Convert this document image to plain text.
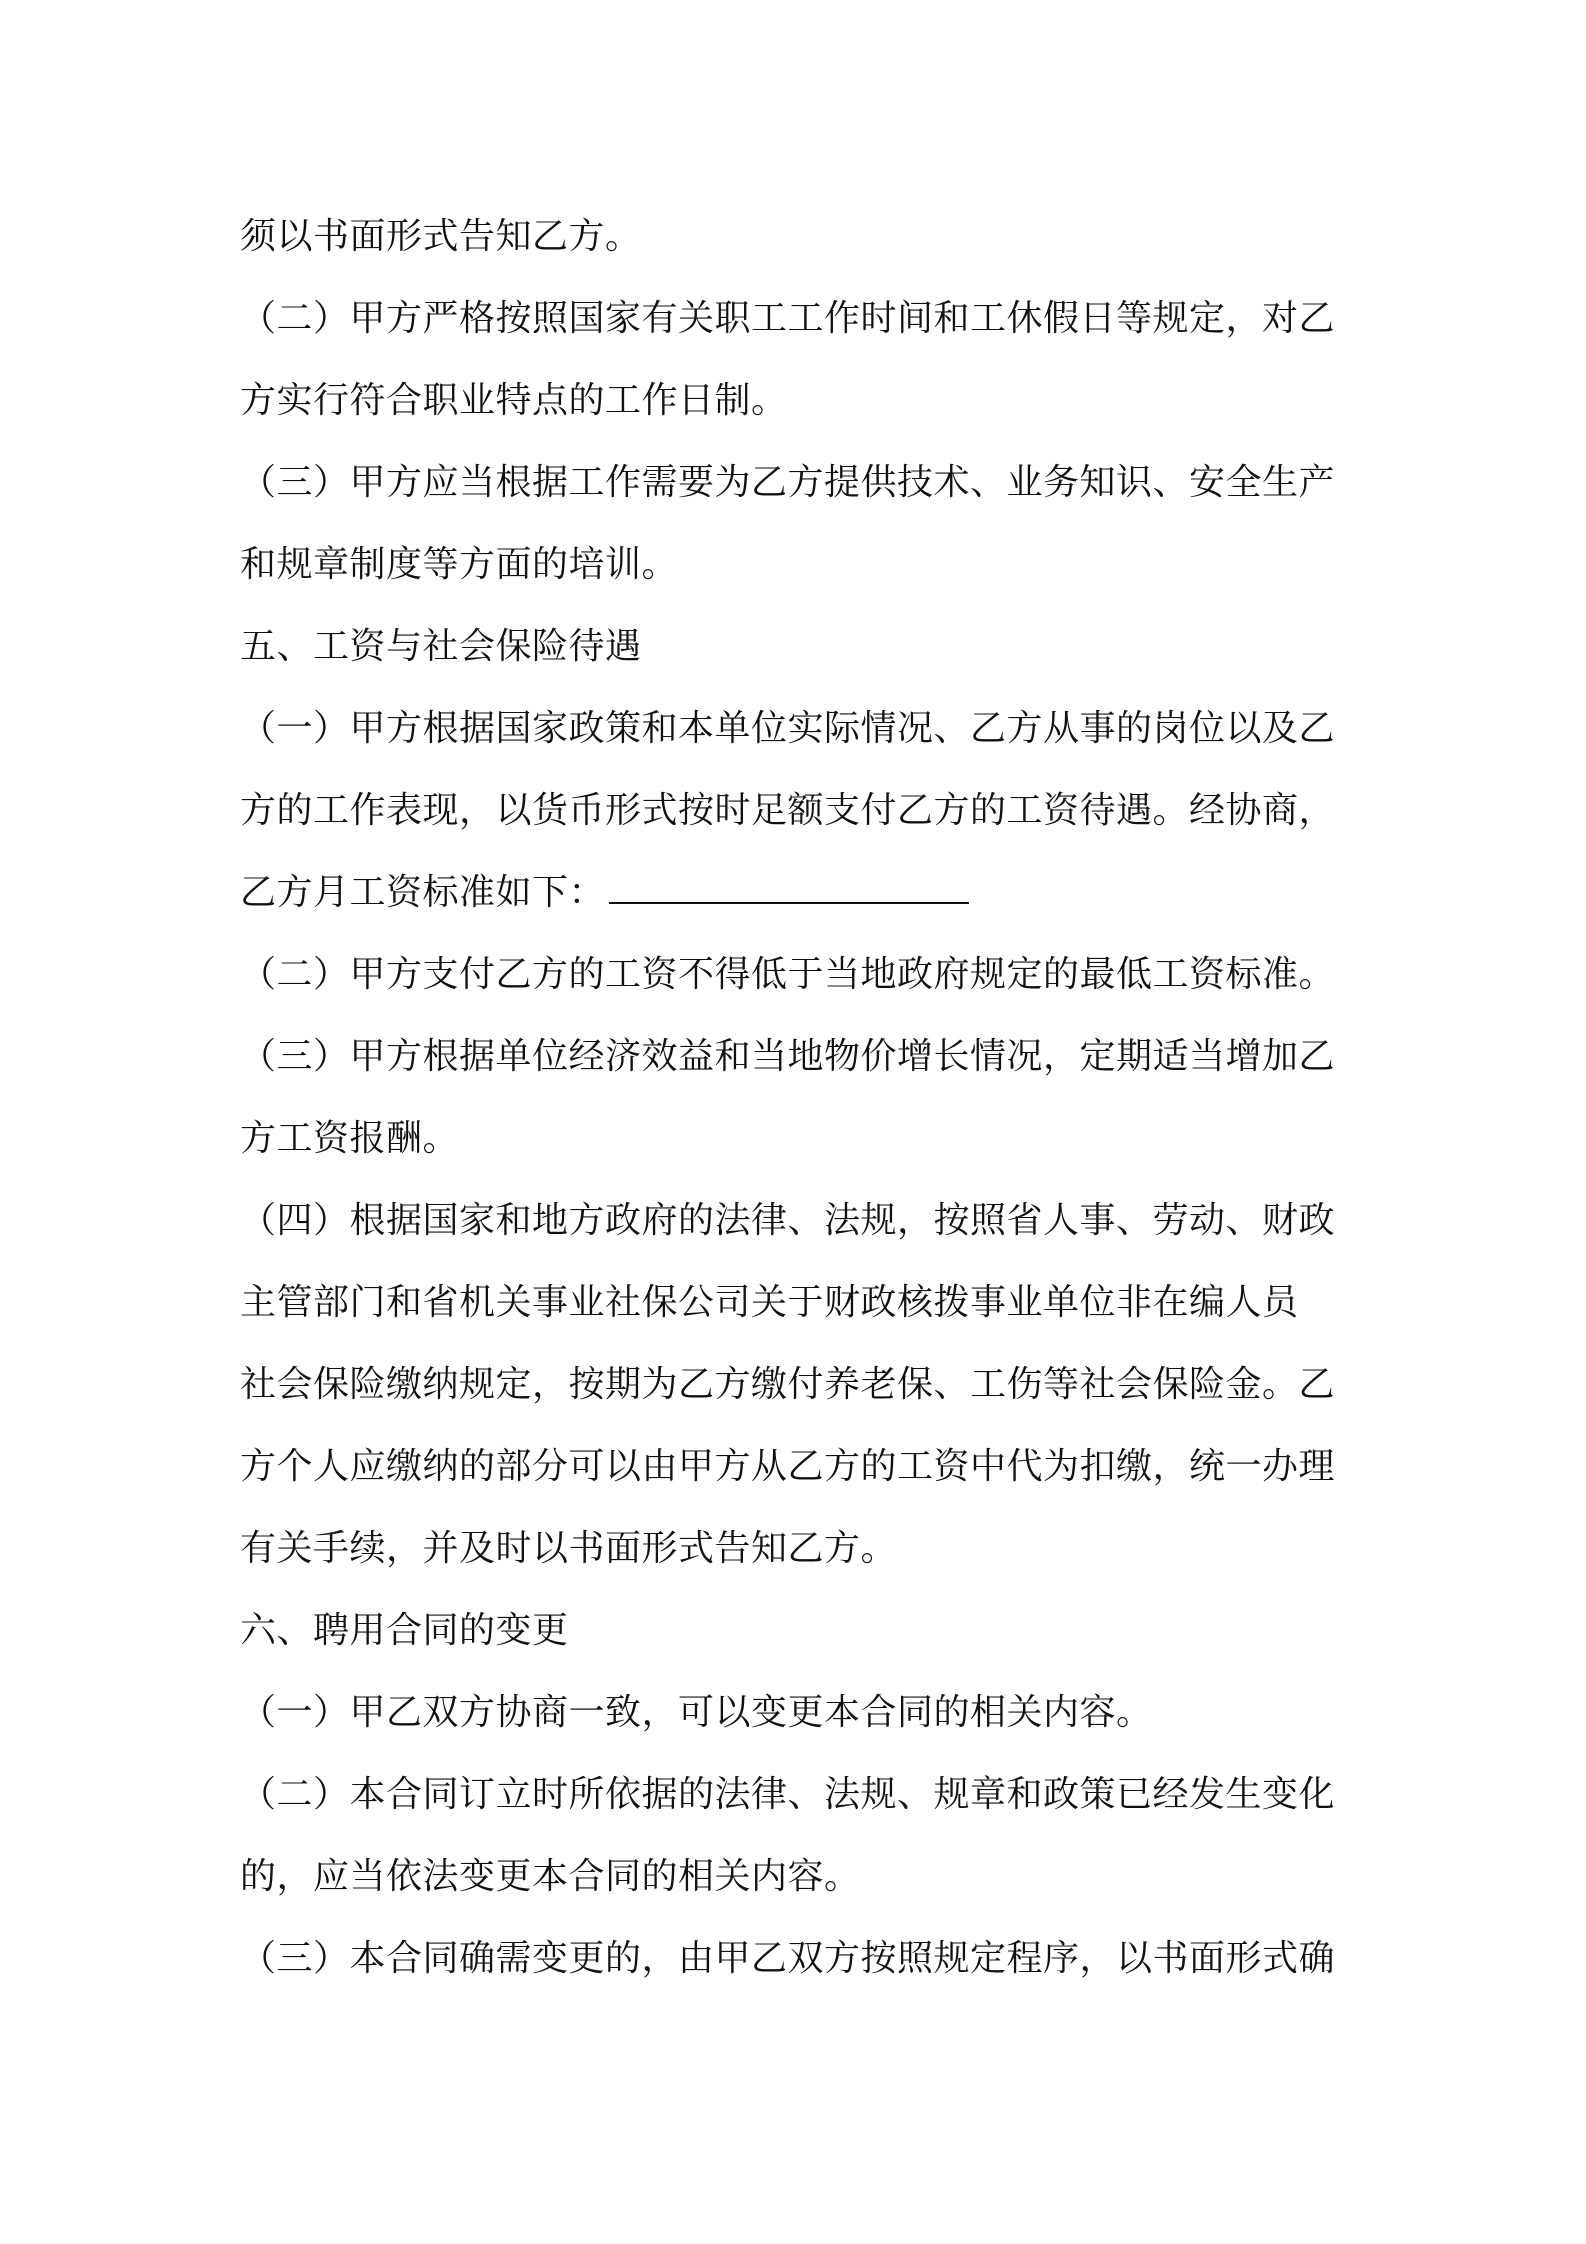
须以书面形式告知乙方。
（二）甲方严格按照国家有关职工工作时间和工休假日等规定，对乙
方实行符合职业特点的工作日制。
（三）甲方应当根据工作需要为乙方提供技术、业务知识、安全生产
和规章制度等方面的培训。
五、工资与社会保险待遇
（一）甲方根据国家政策和本单位实际情况、乙方从事的岗位以及乙
方的工作表现，以货币形式按时足额支付乙方的工资待遇。经协商，
乙方月工资标准如下：
（二）甲方支付乙方的工资不得低于当地政府规定的最低工资标准。
（三）甲方根据单位经济效益和当地物价增长情况，定期适当增加乙
方工资报酬。
（四）根据国家和地方政府的法律、法规，按照省人事、劳动、财政
主管部门和省机关事业社保公司关于财政核拨事业单位非在编人员
社会保险缴纳规定，按期为乙方缴付养老保、工伤等社会保险金。乙
方个人应缴纳的部分可以由甲方从乙方的工资中代为扣缴，统一办理
有关手续，并及时以书面形式告知乙方。
六、聘用合同的变更
（一）甲乙双方协商一致，可以变更本合同的相关内容。
（二）本合同订立时所依据的法律、法规、规章和政策已经发生变化
的，应当依法变更本合同的相关内容。
（三）本合同确需变更的，由甲乙双方按照规定程序，以书面形式确
